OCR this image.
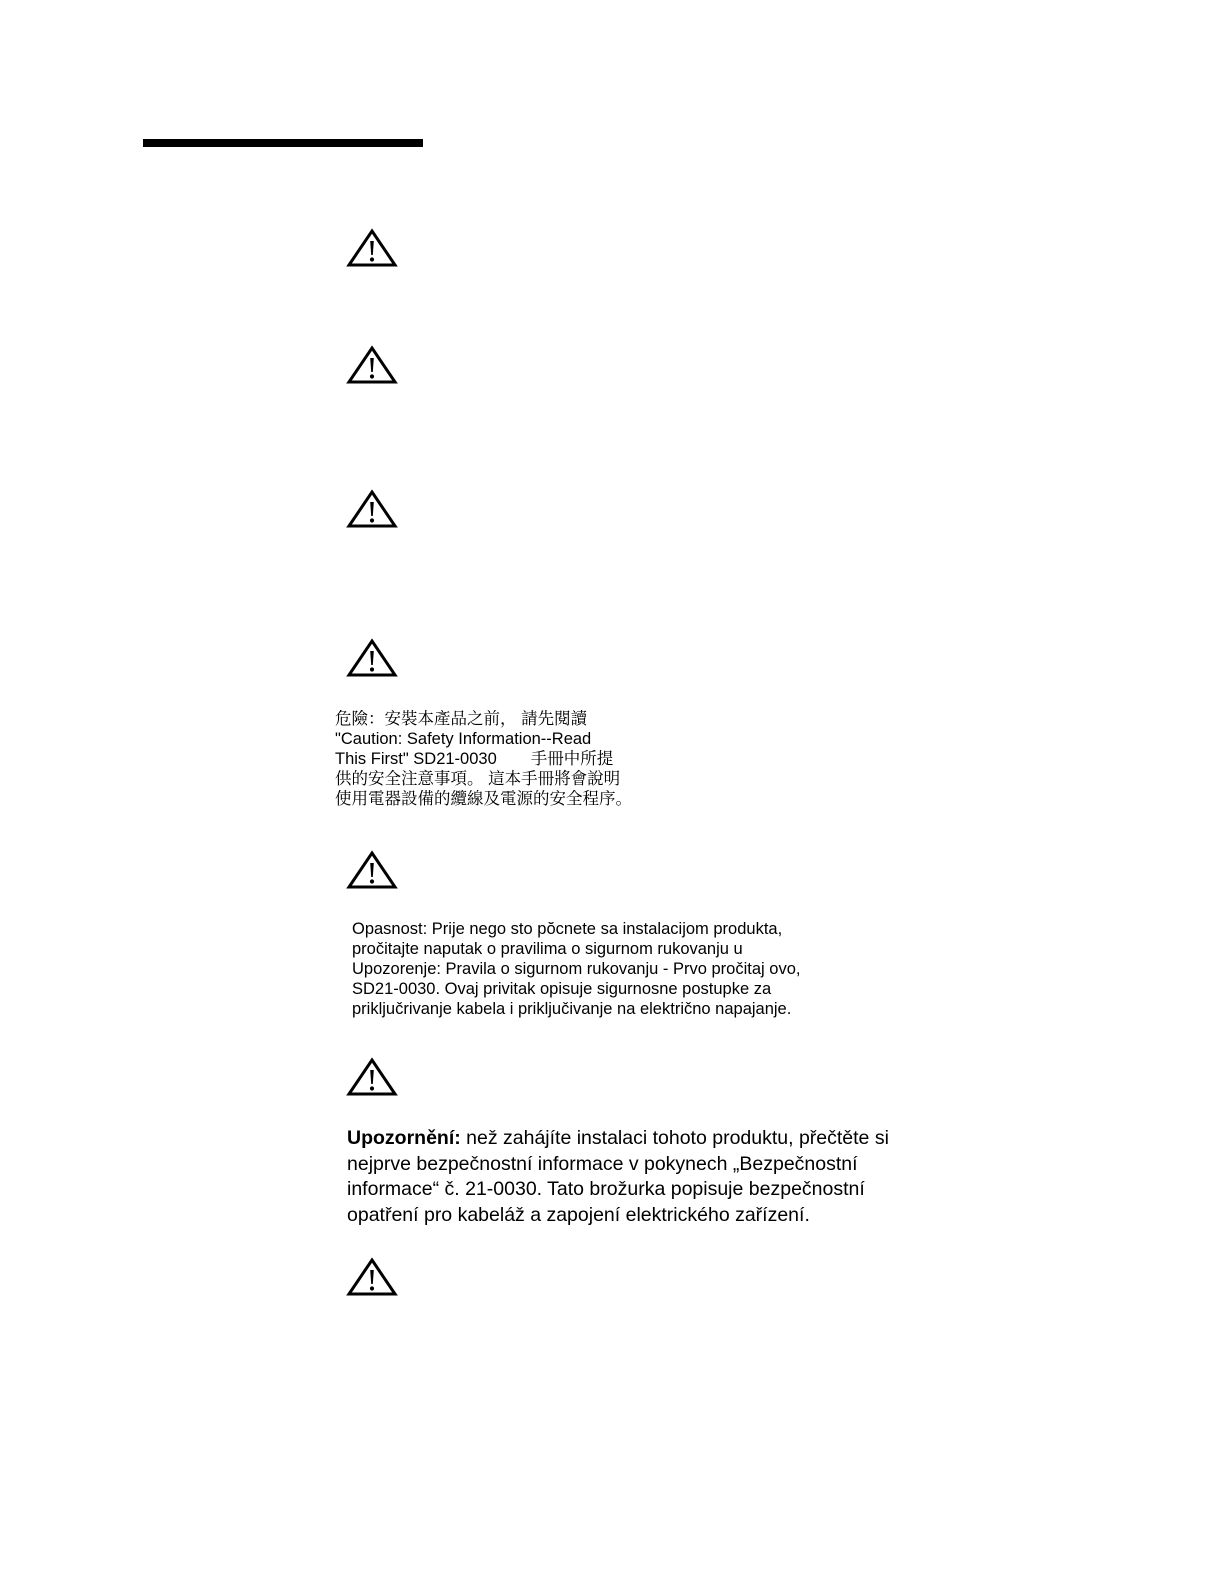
危險：安裝本產品之前， 請先閱讀
"Caution: Safety Information--Read
This First" SD21-0030 手冊中所提
供的安全注意事項。 這本手冊將會說明
使用電器設備的纜線及電源的安全程序。
Opasnost: Prije nego sto pŏcnete sa instalacijom produkta,
pročitajte naputak o pravilima o sigurnom rukovanju u
Upozorenje: Pravila o sigurnom rukovanju - Prvo pročitaj ovo,
SD21-0030. Ovaj privitak opisuje sigurnosne postupke za
priključrivanje kabela i priključivanje na električno napajanje.
Upozornění: než zahájíte instalaci tohoto produktu, přečtěte si
nejprve bezpečnostní informace v pokynech „Bezpečnostní
informace“ č. 21-0030. Tato brožurka popisuje bezpečnostní
opatření pro kabeláž a zapojení elektrického zařízení.
